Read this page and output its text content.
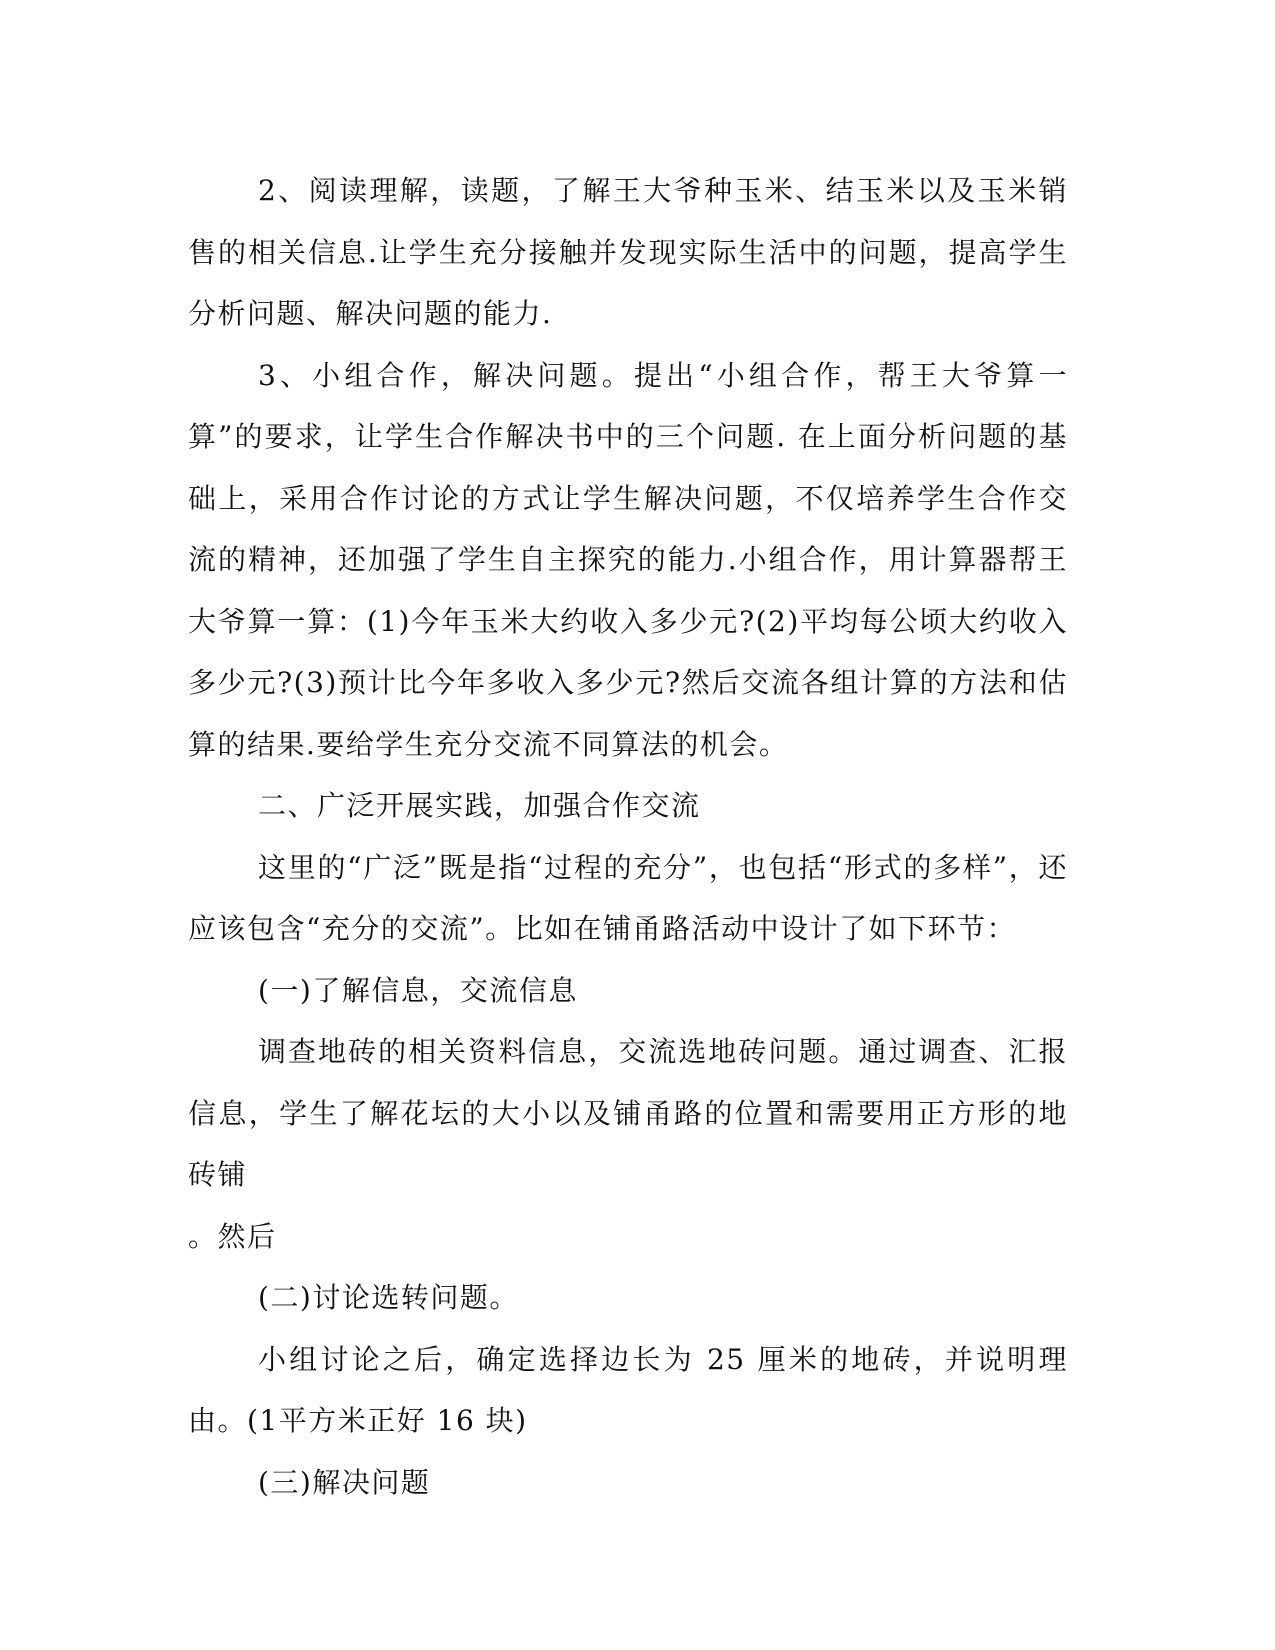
2、阅读理解，读题，了解王大爷种玉米、结玉米以及玉米销售的相关信息.让学生充分接触并发现实际生活中的问题，提高学生分析问题、解决问题的能力.

3、小组合作，解决问题。提出“小组合作，帮王大爷算一算”的要求，让学生合作解决书中的三个问题. 在上面分析问题的基础上，采用合作讨论的方式让学生解决问题，不仅培养学生合作交流的精神，还加强了学生自主探究的能力.小组合作，用计算器帮王大爷算一算：(1)今年玉米大约收入多少元?(2)平均每公顷大约收入多少元?(3)预计比今年多收入多少元?然后交流各组计算的方法和估算的结果.要给学生充分交流不同算法的机会。

二、广泛开展实践，加强合作交流

这里的“广泛”既是指“过程的充分”，也包括“形式的多样”，还应该包含“充分的交流”。比如在铺甬路活动中设计了如下环节：

(一)了解信息，交流信息

调查地砖的相关资料信息，交流选地砖问题。通过调查、汇报信息，学生了解花坛的大小以及铺甬路的位置和需要用正方形的地砖铺

。然后

(二)讨论选转问题。

小组讨论之后，确定选择边长为 25 厘米的地砖，并说明理由。(1平方米正好 16 块)

(三)解决问题
